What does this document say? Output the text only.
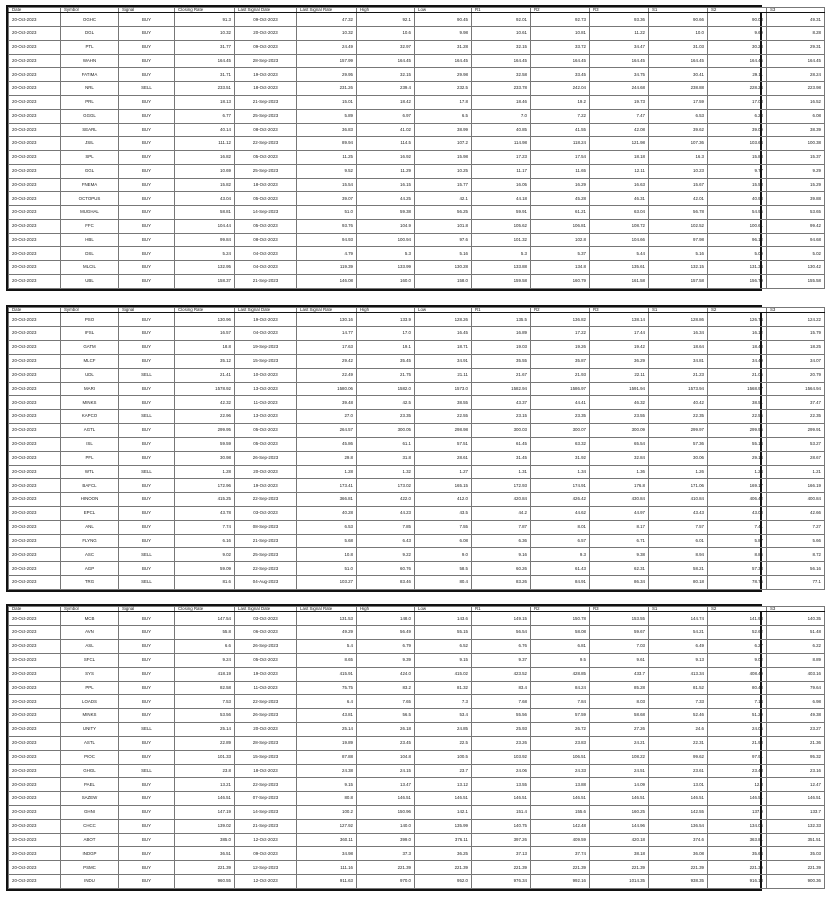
Date	Symbol	Signal	Closing Rate	Last Signal Date	Last Signal Rate	High	Low	R1	R2	R3	S1	S2	S3
20-Oct-2023	OGHC	BUY	91.3	09-Oct-2023	47.32	92.1	90.45	92.01	92.73	93.36	90.66	90.03	49.31
20-Oct-2023	DGL	BUY	10.32	20-Oct-2023	10.32	10.6	9.98	10.61	10.81	11.22	10.0	9.69	8.28
20-Oct-2023	PTL	BUY	31.77	09-Oct-2023	24.49	32.97	31.28	32.15	33.72	34.47	31.03	30.28	29.31
20-Oct-2023	WAHN	BUY	164.45	28-Sep-2023	157.99	164.45	164.45	164.45	164.45	164.45	164.45	164.45	164.45
20-Oct-2023	FATIMA	BUY	31.71	19-Oct-2023	29.95	32.15	29.98	32.58	33.45	34.75	30.41	29.11	28.24
20-Oct-2023	NRL	SELL	233.51	18-Oct-2023	231.26	239.4	232.5	233.78	242.04	244.68	238.88	228.24	223.98
20-Oct-2023	PRL	BUY	18.13	21-Sep-2023	15.01	18.42	17.8	18.46	19.2	19.73	17.59	17.08	16.52
20-Oct-2023	GGGL	BUY	6.77	25-Sep-2023	5.89	6.97	6.5	7.0	7.22	7.47	6.53	6.28	6.08
20-Oct-2023	SEARL	BUY	40.14	08-Oct-2023	36.83	41.02	38.99	40.85	41.55	42.08	39.62	39.09	38.39
20-Oct-2023	JSIL	BUY	111.12	22-Sep-2023	89.94	114.5	107.2	114.98	118.24	121.98	107.36	103.64	100.38
20-Oct-2023	SPL	BUY	16.82	05-Oct-2023	11.25	16.92	15.98	17.23	17.54	18.18	16.3	15.88	15.37
20-Oct-2023	GGL	BUY	10.69	25-Sep-2023	9.52	11.29	10.25	11.17	11.65	12.11	10.23	9.77	9.29
20-Oct-2023	FNEMA	BUY	15.82	18-Oct-2023	15.54	16.15	15.77	16.05	16.29	16.63	15.67	15.53	15.29
20-Oct-2023	OCTOPUS	BUY	43.04	05-Oct-2023	39.07	44.25	42.1	44.18	45.28	46.31	42.01	40.98	39.88
20-Oct-2023	MUGHAL	BUY	58.81	14-Sep-2023	51.0	59.38	56.25	59.91	61.21	63.04	56.78	54.95	53.65
20-Oct-2023	FFC	BUY	104.44	05-Oct-2023	93.76	104.9	101.8	105.62	106.81	108.72	102.52	100.61	99.42
20-Oct-2023	HBL	BUY	99.84	08-Oct-2023	94.93	100.94	97.6	101.32	102.8	104.66	97.98	96.12	94.68
20-Oct-2023	DSL	BUY	5.24	04-Oct-2023	4.79	5.3	5.16	5.3	5.37	5.44	5.16	5.09	5.02
20-Oct-2023	MLCIL	BUY	132.95	04-Oct-2023	119.39	133.99	130.28	133.88	134.8	135.61	132.15	131.34	130.42
20-Oct-2023	UBL	BUY	158.37	21-Sep-2023	146.08	160.0	158.0	159.58	160.79	161.58	157.58	156.79	155.58
Date	Symbol	Signal	Closing Rate	Last Signal Date	Last Signal Rate	High	Low	R1	R2	R3	S1	S2	S3
20-Oct-2023	PSO	BUY	130.96	19-Oct-2023	130.16	133.9	128.26	135.5	136.82	138.14	128.86	126.74	124.22
20-Oct-2023	IFSL	BUY	16.57	04-Oct-2023	14.77	17.0	16.45	16.89	17.22	17.44	16.34	16.12	15.79
20-Oct-2023	GATM	BUY	18.8	19-Sep-2023	17.63	19.1	18.71	19.03	19.26	19.42	18.64	18.48	18.25
20-Oct-2023	MLCF	BUY	35.12	15-Sep-2023	29.42	35.45	34.91	35.55	35.87	36.29	34.81	34.49	34.07
20-Oct-2023	UDL	SELL	21.41	10-Oct-2023	22.49	21.75	21.11	21.67	21.93	22.11	21.23	21.05	20.79
20-Oct-2023	MARI	BUY	1578.92	13-Oct-2023	1580.06	1582.0	1573.0	1582.94	1586.97	1591.94	1573.94	1568.97	1564.94
20-Oct-2023	MINKS	BUY	42.32	11-Oct-2023	39.48	42.5	38.55	43.37	44.41	46.32	40.42	38.51	37.47
20-Oct-2023	KAPCO	SELL	22.96	13-Oct-2023	27.0	23.35	22.55	23.15	23.35	23.55	22.35	22.55	22.35
20-Oct-2023	AGTL	BUY	299.95	05-Oct-2023	264.57	300.05	298.98	300.03	300.07	300.09	299.97	299.95	299.91
20-Oct-2023	ISL	BUY	59.59	05-Oct-2023	45.86	61.1	57.51	61.45	63.32	65.54	57.36	55.14	53.27
20-Oct-2023	PFL	BUY	30.98	26-Sep-2023	29.8	31.8	28.61	31.45	31.92	32.84	30.06	29.14	28.67
20-Oct-2023	WTL	SELL	1.28	20-Oct-2023	1.28	1.32	1.27	1.31	1.34	1.36	1.26	1.24	1.21
20-Oct-2023	BAFCL	BUY	172.96	19-Oct-2023	173.41	173.02	165.15	172.93	174.91	176.8	171.06	169.17	166.19
20-Oct-2023	HINOON	BUY	415.25	22-Sep-2023	366.81	422.0	412.0	420.84	426.42	430.84	410.84	406.42	400.84
20-Oct-2023	EPCL	BUY	43.78	03-Oct-2023	40.28	44.23	43.5	44.2	44.62	44.97	43.43	43.08	42.66
20-Oct-2023	ANL	BUY	7.74	08-Sep-2023	6.53	7.85	7.55	7.87	8.01	8.17	7.57	7.41	7.27
20-Oct-2023	FLYNG	BUY	6.16	21-Sep-2023	5.68	6.43	6.08	6.36	6.57	6.71	6.01	5.87	5.66
20-Oct-2023	ASC	SELL	9.02	25-Sep-2023	10.8	9.22	9.0	9.16	9.3	9.38	8.94	8.86	8.72
20-Oct-2023	AGP	BUY	59.09	22-Sep-2023	51.0	60.76	58.5	60.26	61.43	62.31	58.21	57.33	56.16
20-Oct-2023	TRG	SELL	81.6	04-Aug-2023	103.27	83.46	80.4	83.26	84.91	86.34	80.18	78.75	77.1
Date	Symbol	Signal	Closing Rate	Last Signal Date	Last Signal Rate	High	Low	R1	R2	R3	S1	S2	S3
20-Oct-2023	MCB	BUY	147.54	03-Oct-2023	131.53	148.0	143.6	149.15	150.78	153.55	144.74	141.98	140.35
20-Oct-2023	AVN	BUY	55.8	06-Oct-2023	49.29	56.49	55.15	56.54	58.08	59.67	54.21	52.62	51.48
20-Oct-2023	ASL	BUY	6.6	26-Sep-2023	5.4	6.79	6.52	6.76	6.81	7.03	6.49	6.27	6.22
20-Oct-2023	SFCL	BUY	9.24	05-Oct-2023	8.65	9.39	9.15	9.37	9.5	9.61	9.13	9.02	8.89
20-Oct-2023	SYS	BUY	418.19	19-Oct-2023	415.91	424.0	415.02	423.52	428.85	433.7	413.34	408.49	403.16
20-Oct-2023	PPL	BUY	82.58	11-Oct-2023	75.75	83.2	81.32	83.4	84.24	85.28	81.52	80.48	79.64
20-Oct-2023	LOADS	BUY	7.53	22-Sep-2023	6.4	7.65	7.3	7.68	7.84	8.03	7.33	7.14	6.98
20-Oct-2023	MINKS	BUY	53.56	26-Sep-2023	43.81	56.5	53.4	55.56	57.59	58.68	52.46	51.29	49.38
20-Oct-2023	UNITY	SELL	25.14	20-Oct-2023	25.14	26.18	24.85	25.93	26.72	27.26	24.6	24.06	23.27
20-Oct-2023	ASTL	BUY	22.89	28-Sep-2023	19.89	23.45	22.5	23.26	23.83	24.21	22.31	21.93	21.36
20-Oct-2023	PIOC	BUY	101.33	15-Sep-2023	87.88	104.8	100.5	103.92	106.51	108.22	99.62	97.91	95.32
20-Oct-2023	GHGL	SELL	23.8	18-Oct-2023	24.38	24.15	23.7	24.06	24.33	24.51	23.61	23.43	23.16
20-Oct-2023	PAEL	BUY	13.21	22-Sep-2023	9.15	13.47	13.12	13.55	13.88	14.09	13.01	12.8	12.47
20-Oct-2023	SAZEW	BUY	146.51	07-Sep-2023	80.8	146.51	146.51	146.51	146.51	146.51	146.51	146.51	146.51
20-Oct-2023	GHNI	BUY	147.19	14-Sep-2023	100.2	150.96	142.1	151.4	155.6	160.25	142.55	137.9	133.7
20-Oct-2023	CHCC	BUY	139.02	21-Sep-2023	127.92	140.0	135.99	140.75	142.48	144.96	136.54	134.06	132.33
20-Oct-2023	ABOT	BUY	385.0	12-Oct-2023	360.11	399.0	376.11	397.26	409.59	420.18	374.6	363.81	351.51
20-Oct-2023	INDGP	BUY	36.51	09-Oct-2023	34.98	37.3	36.25	37.13	37.74	38.18	36.08	35.64	35.03
20-Oct-2023	PSMC	BUY	221.39	12-Sep-2023	111.16	221.39	221.39	221.39	221.39	221.39	221.39	221.39	221.39
20-Oct-2023	INDU	BUY	960.55	12-Oct-2023	911.63	970.0	952.0	976.34	992.16	1014.35	938.35	916.18	900.36
